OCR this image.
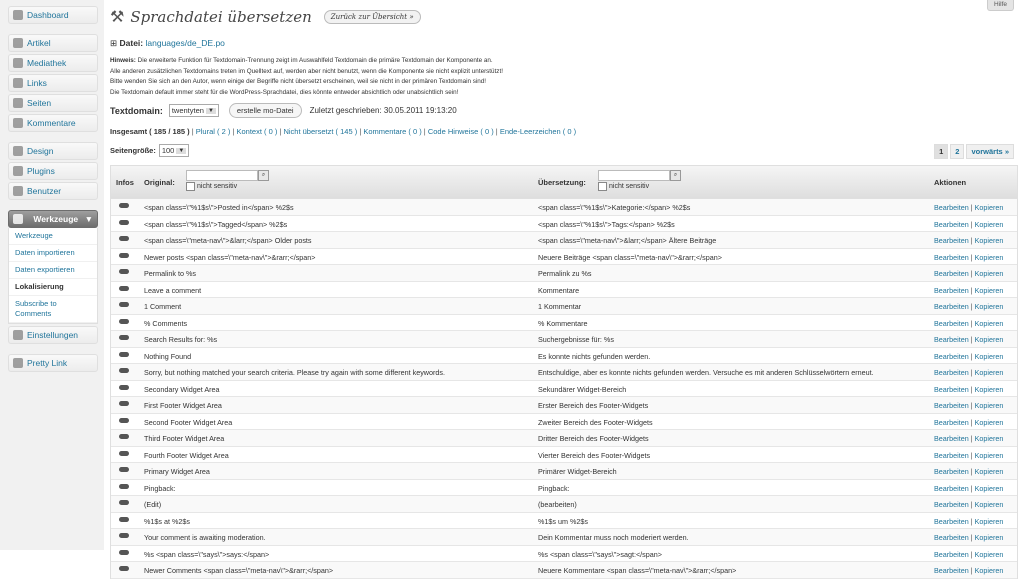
Dashboard
Artikel
Mediathek
Links
Seiten
Kommentare
Design
Plugins
Benutzer
Werkzeuge ▼
Werkzeuge
Daten importieren
Daten exportieren
Lokalisierung
Subscribe to Comments
Einstellungen
Pretty Link
Hilfe
⚒ Sprachdatei übersetzen	Zurück zur Übersicht »
⊞ Datei: languages/de_DE.po
Hinweis: Die erweiterte Funktion für Textdomain-Trennung zeigt im Auswahlfeld Textdomain die primäre Textdomain der Komponente an.
Alle anderen zusätzlichen Textdomains treten im Quelltext auf, werden aber nicht benutzt, wenn die Komponente sie nicht explizit unterstützt!
Bitte wenden Sie sich an den Autor, wenn einige der Begriffe nicht übersetzt erscheinen, weil sie nicht in der primären Textdomain sind!
Die Textdomain default immer steht für die WordPress-Sprachdatei, dies könnte entweder absichtlich oder unabsichtlich sein!
Textdomain: twentyten ▼	erstelle mo-Datei	Zuletzt geschrieben:
30.05.2011 19:13:20
Insgesamt ( 185 / 185 ) | Plural ( 2 ) | Kontext ( 0 ) | Nicht übersetzt ( 145 ) | Kommentare ( 0 ) | Code Hinweise ( 0 ) | Ende-Leerzeichen ( 0 )
Seitengröße: 100 ▼	1	2	vorwärts »
Infos Original:
⌕
nicht sensitiv	Übersetzung:
⌕
nicht sensitiv	Aktionen
<span class=\"%1$s\">Posted in</span> %2$s	<span class=\"%1$s\">Kategorie:</span> %2$s	Bearbeiten | Kopieren
<span class=\"%1$s\">Tagged</span> %2$s	<span class=\"%1$s\">Tags:</span> %2$s	Bearbeiten | Kopieren
<span class=\"meta-nav\">&larr;</span> Older posts	<span class=\"meta-nav\">&larr;</span> Ältere Beiträge	Bearbeiten | Kopieren
Newer posts <span class=\"meta-nav\">&rarr;</span>	Neuere Beiträge <span class=\"meta-nav\">&rarr;</span>	Bearbeiten | Kopieren
Permalink to %s	Permalink zu %s	Bearbeiten | Kopieren
Leave a comment	Kommentare	Bearbeiten | Kopieren
1 Comment	1 Kommentar	Bearbeiten | Kopieren
% Comments	% Kommentare	Bearbeiten | Kopieren
Search Results for: %s	Suchergebnisse für: %s	Bearbeiten | Kopieren
Nothing Found	Es konnte nichts gefunden werden.	Bearbeiten | Kopieren
Sorry, but nothing matched your search criteria. Please try again with some different keywords.	Entschuldige, aber es konnte nichts gefunden werden. Versuche es mit anderen Schlüsselwörtern erneut.	Bearbeiten | Kopieren
Secondary Widget Area	Sekundärer Widget-Bereich	Bearbeiten | Kopieren
First Footer Widget Area	Erster Bereich des Footer-Widgets	Bearbeiten | Kopieren
Second Footer Widget Area	Zweiter Bereich des Footer-Widgets	Bearbeiten | Kopieren
Third Footer Widget Area	Dritter Bereich des Footer-Widgets	Bearbeiten | Kopieren
Fourth Footer Widget Area	Vierter Bereich des Footer-Widgets	Bearbeiten | Kopieren
Primary Widget Area	Primärer Widget-Bereich	Bearbeiten | Kopieren
Pingback:	Pingback:	Bearbeiten | Kopieren
(Edit)	(bearbeiten)	Bearbeiten | Kopieren
%1$s at %2$s	%1$s um %2$s	Bearbeiten | Kopieren
Your comment is awaiting moderation.	Dein Kommentar muss noch moderiert werden.	Bearbeiten | Kopieren
%s <span class=\"says\">says:</span>	%s <span class=\"says\">sagt:</span>	Bearbeiten | Kopieren
Newer Comments <span class=\"meta-nav\">&rarr;</span>	Neuere Kommentare <span class=\"meta-nav\">&rarr;</span>	Bearbeiten | Kopieren
